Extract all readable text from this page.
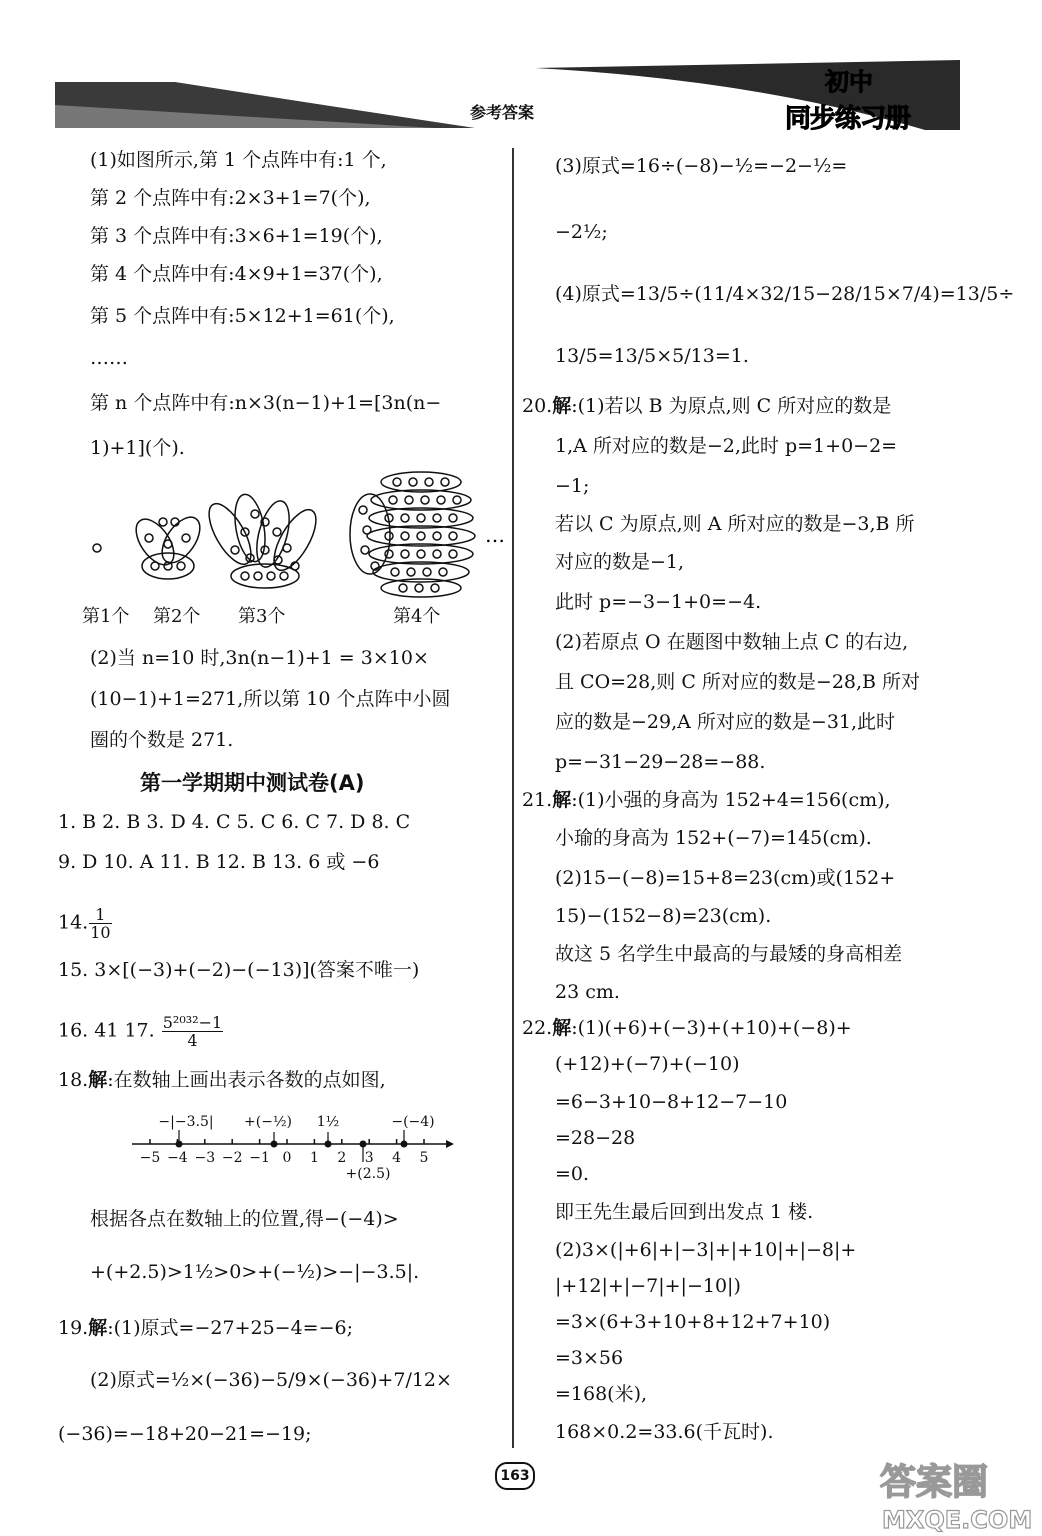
参考答案
初中
同步练习册
(1)如图所示,第 1 个点阵中有:1 个,
第 2 个点阵中有:2×3+1=7(个),
第 3 个点阵中有:3×6+1=19(个),
第 4 个点阵中有:4×9+1=37(个),
第 5 个点阵中有:5×12+1=61(个),
……
第 n 个点阵中有:n×3(n−1)+1=[3n(n−
1)+1](个).
…
第1个 第2个 第3个	第4个
(2)当 n=10 时,3n(n−1)+1 = 3×10×
(10−1)+1=271,所以第 10 个点阵中小圆
圈的个数是 271.
第一学期期中测试卷(A)
1. B 2. B 3. D 4. C 5. C 6. C 7. D 8. C
9. D 10. A 11. B 12. B 13. 6 或 −6
14. $\frac{1}{10}$
15. 3×[(−3)+(−2)−(−13)](答案不唯一)
16. 41 17. $\frac{\text{5²⁰³²−1}}{4}$
18.解:在数轴上画出表示各数的点如图,
−5 −4 −3 −2 −1 0 1 2 3 4 5
−|−3.5| +(−½) 1½	−(−4)
+(2.5)
根据各点在数轴上的位置,得−(−4)>
+(+2.5)>1½>0>+(−½)>−|−3.5|.
19.解:(1)原式=−27+25−4=−6;
(2)原式=½×(−36)−5/9×(−36)+7/12×
(−36)=−18+20−21=−19;
(3)原式=16÷(−8)−½=−2−½=
−2½;
(4)原式=13/5÷(11/4×32/15−28/15×7/4)=13/5÷
13/5=13/5×5/13=1.
20.解:(1)若以 B 为原点,则 C 所对应的数是
1,A 所对应的数是−2,此时 p=1+0−2=
−1;
若以 C 为原点,则 A 所对应的数是−3,B 所
对应的数是−1,
此时 p=−3−1+0=−4.
(2)若原点 O 在题图中数轴上点 C 的右边,
且 CO=28,则 C 所对应的数是−28,B 所对
应的数是−29,A 所对应的数是−31,此时
p=−31−29−28=−88.
21.解:(1)小强的身高为 152+4=156(cm),
小瑜的身高为 152+(−7)=145(cm).
(2)15−(−8)=15+8=23(cm)或(152+
15)−(152−8)=23(cm).
故这 5 名学生中最高的与最矮的身高相差
23 cm.
22.解:(1)(+6)+(−3)+(+10)+(−8)+
(+12)+(−7)+(−10)
=6−3+10−8+12−7−10
=28−28
=0.
即王先生最后回到出发点 1 楼.
(2)3×(|+6|+|−3|+|+10|+|−8|+
|+12|+|−7|+|−10|)
=3×(6+3+10+8+12+7+10)
=3×56
=168(米),
168×0.2=33.6(千瓦时).
163	答案圈
MXQE.COM
